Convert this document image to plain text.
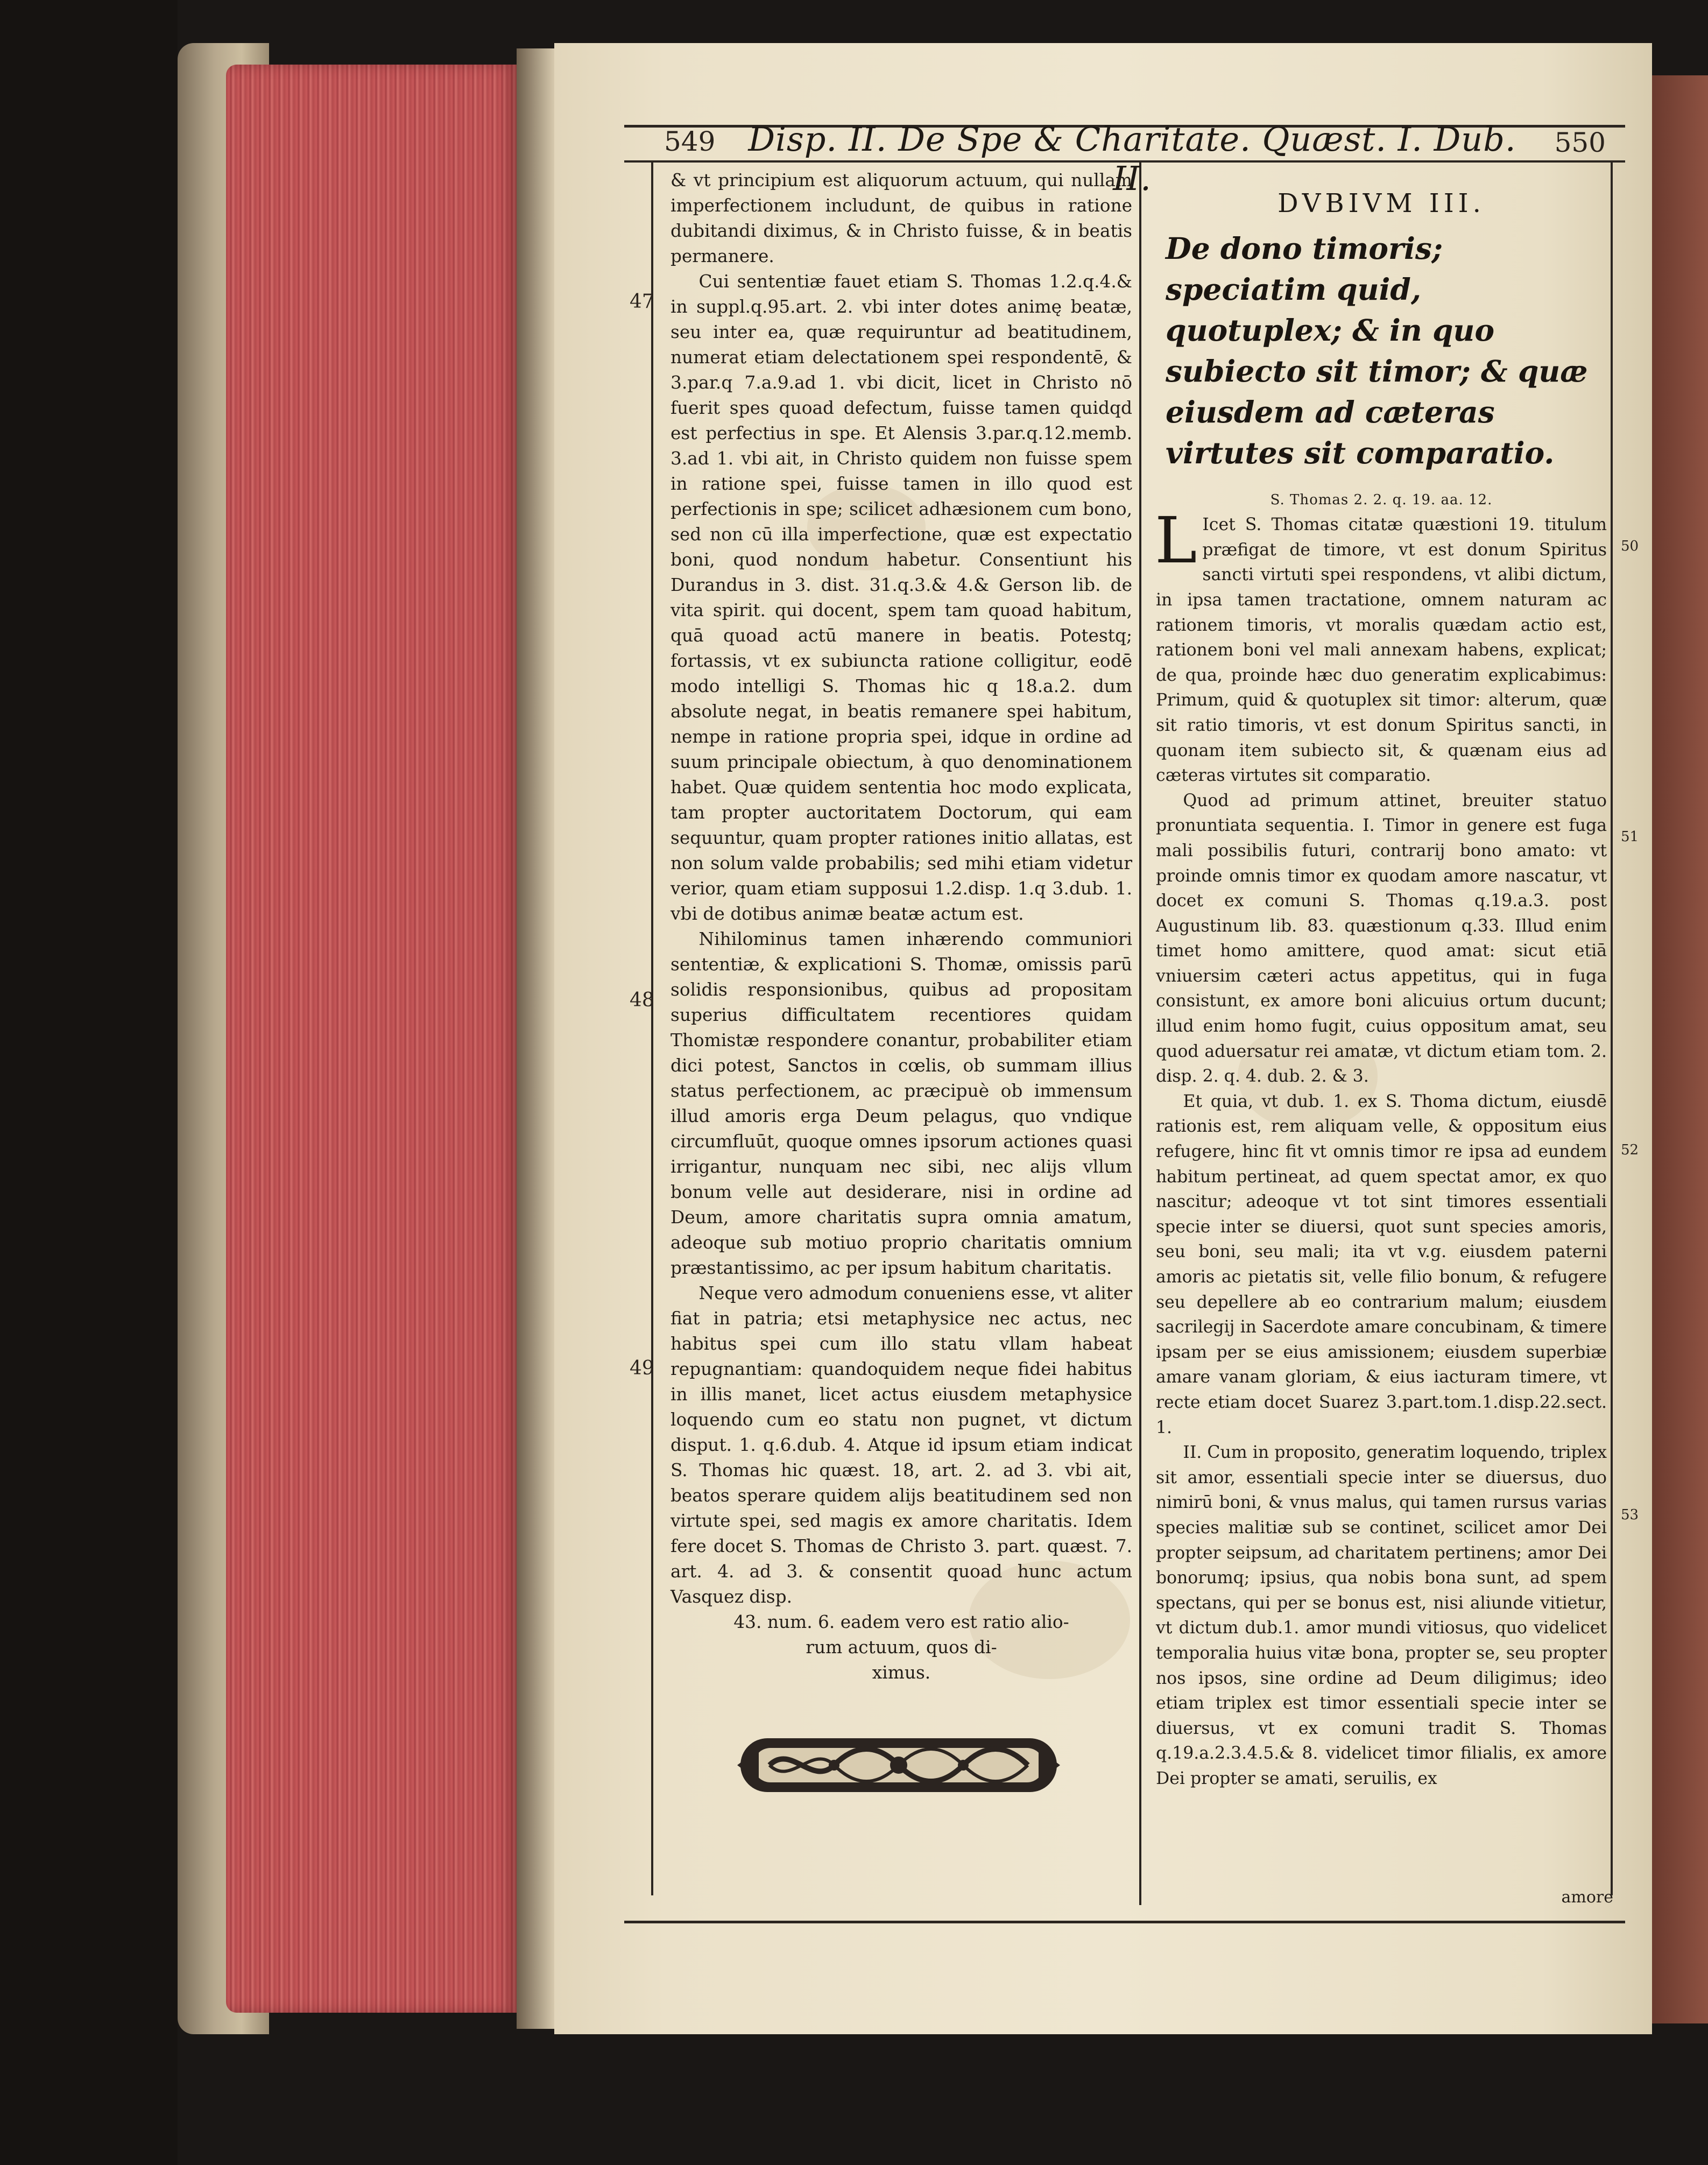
549 Disp. II. De Spe & Charitate. Quæst. I. Dub. II.
550
47
48
49
50
51
52
53

& vt principium est aliquorum actuum, qui nullam imperfectionem includunt, de quibus in ratione dubitandi diximus, & in Christo fuisse, & in beatis permanere.

Cui sententiæ fauet etiam S. Thomas 1.2.q.4.& in suppl.q.95.art. 2. vbi inter dotes animę beatæ, seu inter ea, quæ requiruntur ad beatitudinem, numerat etiam delectationem spei respondentē, & 3.par.q 7.a.9.ad 1. vbi dicit, licet in Christo nō fuerit spes quoad defectum, fuisse tamen quidqd est perfectius in spe. Et Alensis 3.par.q.12.memb. 3.ad 1. vbi ait, in Christo quidem non fuisse spem in ratione spei, fuisse tamen in illo quod est perfectionis in spe; scilicet adhæsionem cum bono, sed non cū illa imperfectione, quæ est expectatio boni, quod nondum habetur. Consentiunt his Durandus in 3. dist. 31.q.3.& 4.& Gerson lib. de vita spirit. qui docent, spem tam quoad habitum, quā quoad actū manere in beatis. Potestq; fortassis, vt ex subiuncta ratione colligitur, eodē modo intelligi S. Thomas hic q 18.a.2. dum absolute negat, in beatis remanere spei habitum, nempe in ratione propria spei, idque in ordine ad suum principale obiectum, à quo denominationem habet. Quæ quidem sententia hoc modo explicata, tam propter auctoritatem Doctorum, qui eam sequuntur, quam propter rationes initio allatas, est non solum valde probabilis; sed mihi etiam videtur verior, quam etiam supposui 1.2.disp. 1.q 3.dub. 1. vbi de dotibus animæ beatæ actum est.

Nihilominus tamen inhærendo communiori sententiæ, & explicationi S. Thomæ, omissis parū solidis responsionibus, quibus ad propositam superius difficultatem recentiores quidam Thomistæ respondere conantur, probabiliter etiam dici potest, Sanctos in cœlis, ob summam illius status perfectionem, ac præcipuè ob immensum illud amoris erga Deum pelagus, quo vndique circumfluūt, quoque omnes ipsorum actiones quasi irrigantur, nunquam nec sibi, nec alijs vllum bonum velle aut desiderare, nisi in ordine ad Deum, amore charitatis supra omnia amatum, adeoque sub motiuo proprio charitatis omnium præstantissimo, ac per ipsum habitum charitatis.

Neque vero admodum conueniens esse, vt aliter fiat in patria; etsi metaphysice nec actus, nec habitus spei cum illo statu vllam habeat repugnantiam: quandoquidem neque fidei habitus in illis manet, licet actus eiusdem metaphysice loquendo cum eo statu non pugnet, vt dictum disput. 1. q.6.dub. 4. Atque id ipsum etiam indicat S. Thomas hic quæst. 18, art. 2. ad 3. vbi ait, beatos sperare quidem alijs beatitudinem sed non virtute spei, sed magis ex amore charitatis. Idem fere docet S. Thomas de Christo 3. part. quæst. 7. art. 4. ad 3. & consentit quoad hunc actum Vasquez disp.

43. num. 6. eadem vero est ratio alio-

rum actuum, quos di-

ximus.

DVBIVM III.
De dono timoris; speciatim quid, quotuplex; & in quo subiecto sit timor; & quæ eiusdem ad cæteras virtutes sit comparatio.

S. Thomas 2. 2. q. 19. aa. 12.

L Icet S. Thomas citatæ quæstioni 19. titulum præfigat de timore, vt est donum Spiritus sancti virtuti spei respondens, vt alibi dictum, in ipsa tamen tractatione, omnem naturam ac rationem timoris, vt moralis quædam actio est, rationem boni vel mali annexam habens, explicat; de qua, proinde hæc duo generatim explicabimus: Primum, quid & quotuplex sit timor: alterum, quæ sit ratio timoris, vt est donum Spiritus sancti, in quonam item subiecto sit, & quænam eius ad cæteras virtutes sit comparatio.

Quod ad primum attinet, breuiter statuo pronuntiata sequentia. I. Timor in genere est fuga mali possibilis futuri, contrarij bono amato: vt proinde omnis timor ex quodam amore nascatur, vt docet ex comuni S. Thomas q.19.a.3. post Augustinum lib. 83. quæstionum q.33. Illud enim timet homo amittere, quod amat: sicut etiā vniuersim cæteri actus appetitus, qui in fuga consistunt, ex amore boni alicuius ortum ducunt; illud enim homo fugit, cuius oppositum amat, seu quod aduersatur rei amatæ, vt dictum etiam tom. 2. disp. 2. q. 4. dub. 2. & 3.

Et quia, vt dub. 1. ex S. Thoma dictum, eiusdē rationis est, rem aliquam velle, & oppositum eius refugere, hinc fit vt omnis timor re ipsa ad eundem habitum pertineat, ad quem spectat amor, ex quo nascitur; adeoque vt tot sint timores essentiali specie inter se diuersi, quot sunt species amoris, seu boni, seu mali; ita vt v.g. eiusdem paterni amoris ac pietatis sit, velle filio bonum, & refugere seu depellere ab eo contrarium malum; eiusdem sacrilegij in Sacerdote amare concubinam, & timere ipsam per se eius amissionem; eiusdem superbiæ amare vanam gloriam, & eius iacturam timere, vt recte etiam docet Suarez 3.part.tom.1.disp.22.sect. 1.

II. Cum in proposito, generatim loquendo, triplex sit amor, essentiali specie inter se diuersus, duo nimirū boni, & vnus malus, qui tamen rursus varias species malitiæ sub se continet, scilicet amor Dei propter seipsum, ad charitatem pertinens; amor Dei bonorumq; ipsius, qua nobis bona sunt, ad spem spectans, qui per se bonus est, nisi aliunde vitietur, vt dictum dub.1. amor mundi vitiosus, quo videlicet temporalia huius vitæ bona, propter se, seu propter nos ipsos, sine ordine ad Deum diligimus; ideo etiam triplex est timor essentiali specie inter se diuersus, vt ex comuni tradit S. Thomas q.19.a.2.3.4.5.& 8. videlicet timor filialis, ex amore Dei propter se amati, seruilis, ex

amore
